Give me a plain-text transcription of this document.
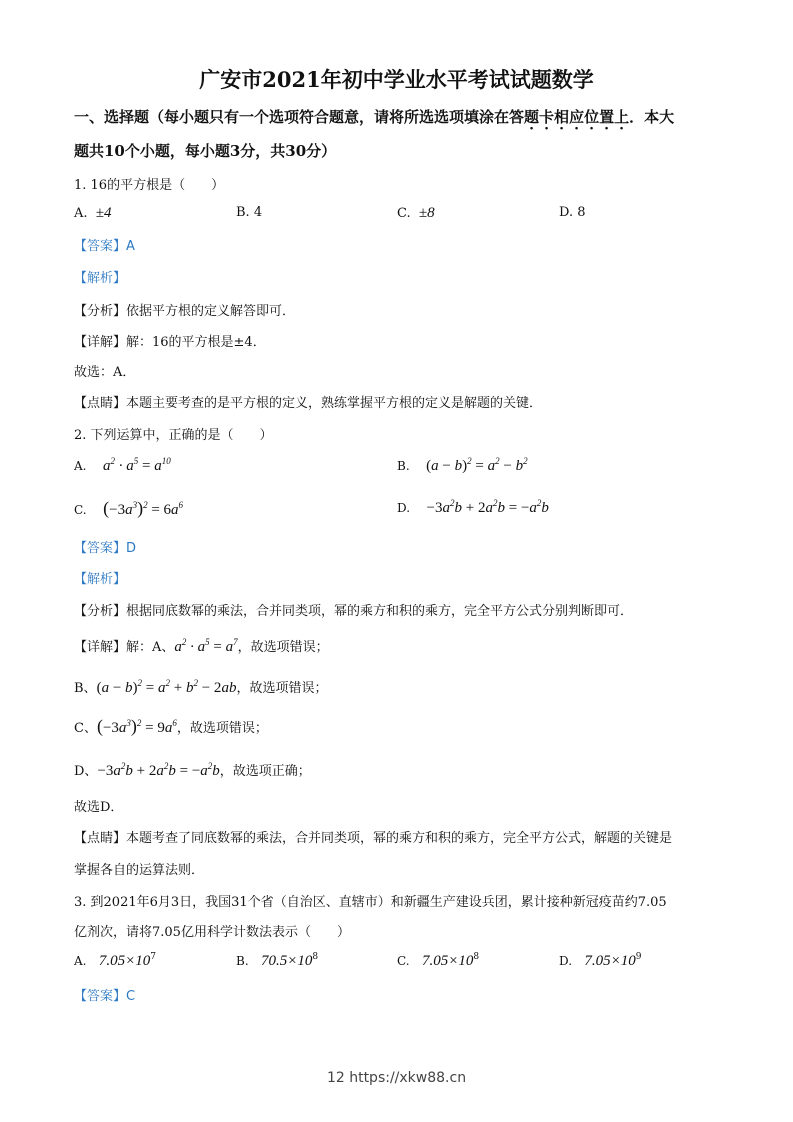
广安市2021年初中学业水平考试试题数学
一、选择题（每小题只有一个选项符合题意，请将所选选项填涂在答题卡相应位置上．本大
题共10个小题，每小题3分，共30分）
1. 16的平方根是（　　）
A. ±4	B. 4	C. ±8	D. 8
【答案】A
【解析】
【分析】依据平方根的定义解答即可．
【详解】解：16的平方根是±4．
故选：A．
【点睛】本题主要考查的是平方根的定义，熟练掌握平方根的定义是解题的关键．
2. 下列运算中，正确的是（　　）
A. $a^2 \cdot a^5 = a^{10}$	B. $(a - b)^2 = a^2 - b^2$
C. $(-3a^3)^2 = 6a^6$	D. $-3a^2b + 2a^2b = -a^2b$
【答案】D
【解析】
【分析】根据同底数幂的乘法，合并同类项，幂的乘方和积的乘方，完全平方公式分别判断即可．
【详解】解：A、$a^2 \cdot a^5 = a^7$，故选项错误；
B、$(a - b)^2 = a^2 + b^2 - 2ab$，故选项错误；
C、$(-3a^3)^2 = 9a^6$，故选项错误；
D、$-3a^2b + 2a^2b = -a^2b$，故选项正确；
故选D．
【点睛】本题考查了同底数幂的乘法，合并同类项，幂的乘方和积的乘方，完全平方公式，解题的关键是
掌握各自的运算法则．
3. 到2021年6月3日，我国31个省（自治区、直辖市）和新疆生产建设兵团，累计接种新冠疫苗约7.05
亿剂次，请将7.05亿用科学计数法表示（　　）
A. $7.05\times 10^7$	B. $70.5\times 10^8$	C. $7.05\times 10^8$	D. $7.05\times 10^9$
【答案】C
12 https://xkw88.cn
